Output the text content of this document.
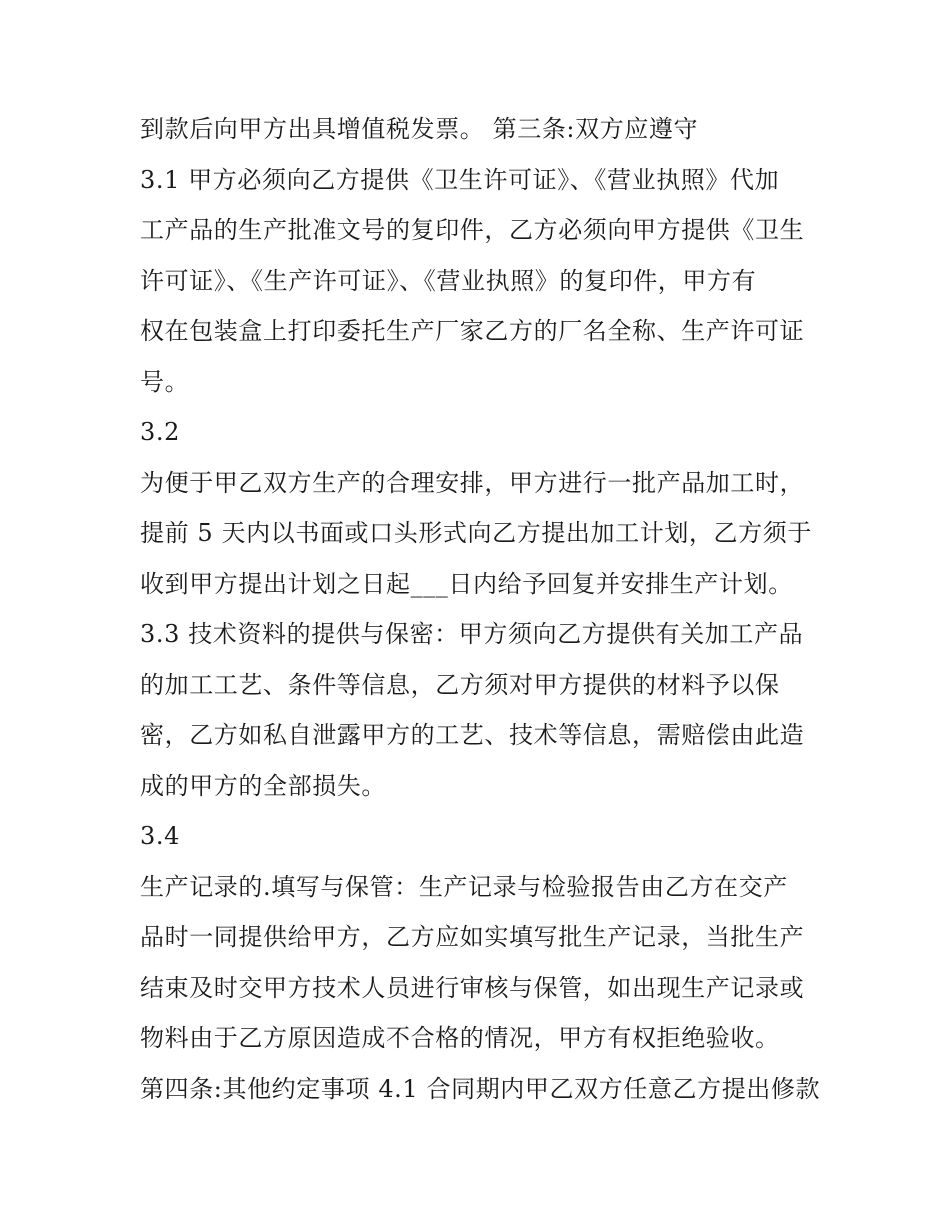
到款后向甲方出具增值税发票。 第三条:双方应遵守
3.1 甲方必须向乙方提供《卫生许可证》、《营业执照》代加
工产品的生产批准文号的复印件，乙方必须向甲方提供《卫生
许可证》、《生产许可证》、《营业执照》的复印件，甲方有
权在包装盒上打印委托生产厂家乙方的厂名全称、生产许可证
号。
3.2
为便于甲乙双方生产的合理安排，甲方进行一批产品加工时，
提前 5 天内以书面或口头形式向乙方提出加工计划，乙方须于
收到甲方提出计划之日起___日内给予回复并安排生产计划。
3.3 技术资料的提供与保密：甲方须向乙方提供有关加工产品
的加工工艺、条件等信息，乙方须对甲方提供的材料予以保
密，乙方如私自泄露甲方的工艺、技术等信息，需赔偿由此造
成的甲方的全部损失。
3.4
生产记录的.填写与保管：生产记录与检验报告由乙方在交产
品时一同提供给甲方，乙方应如实填写批生产记录，当批生产
结束及时交甲方技术人员进行审核与保管，如出现生产记录或
物料由于乙方原因造成不合格的情况，甲方有权拒绝验收。
第四条:其他约定事项 4.1 合同期内甲乙双方任意乙方提出修款
